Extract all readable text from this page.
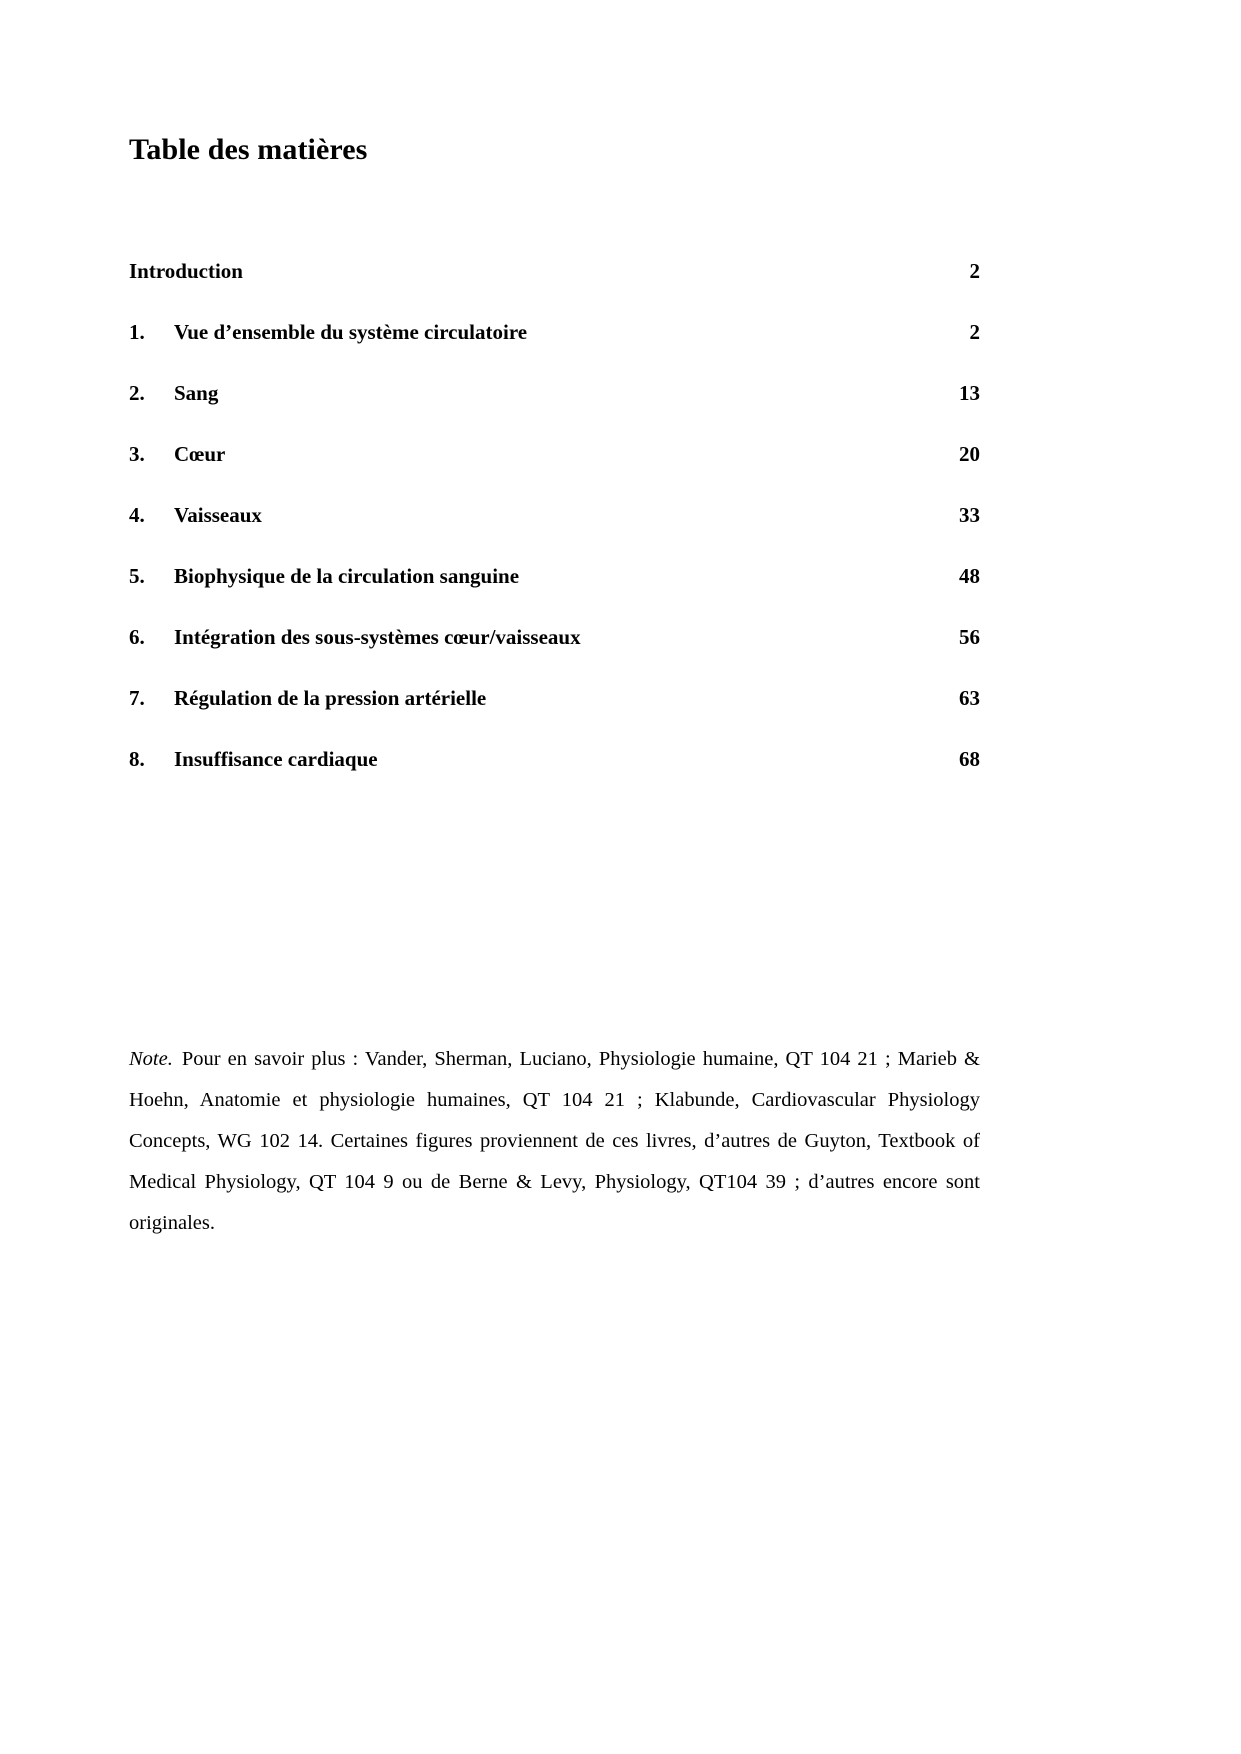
Table des matières
Introduction	2
1.	Vue d’ensemble du système circulatoire	2
2.	Sang	13
3.	Cœur	20
4.	Vaisseaux	33
5.	Biophysique de la circulation sanguine	48
6.	Intégration des sous-systèmes cœur/vaisseaux	56
7.	Régulation de la pression artérielle	63
8.	Insuffisance cardiaque	68

Note. Pour en savoir plus : Vander, Sherman, Luciano, Physiologie humaine, QT 104 21 ; Marieb & Hoehn, Anatomie et physiologie humaines, QT 104 21 ; Klabunde, Cardiovascular Physiology Concepts, WG 102 14. Certaines figures proviennent de ces livres, d’autres de Guyton, Textbook of Medical Physiology, QT 104 9 ou de Berne & Levy, Physiology, QT104 39 ; d’autres encore sont originales.
